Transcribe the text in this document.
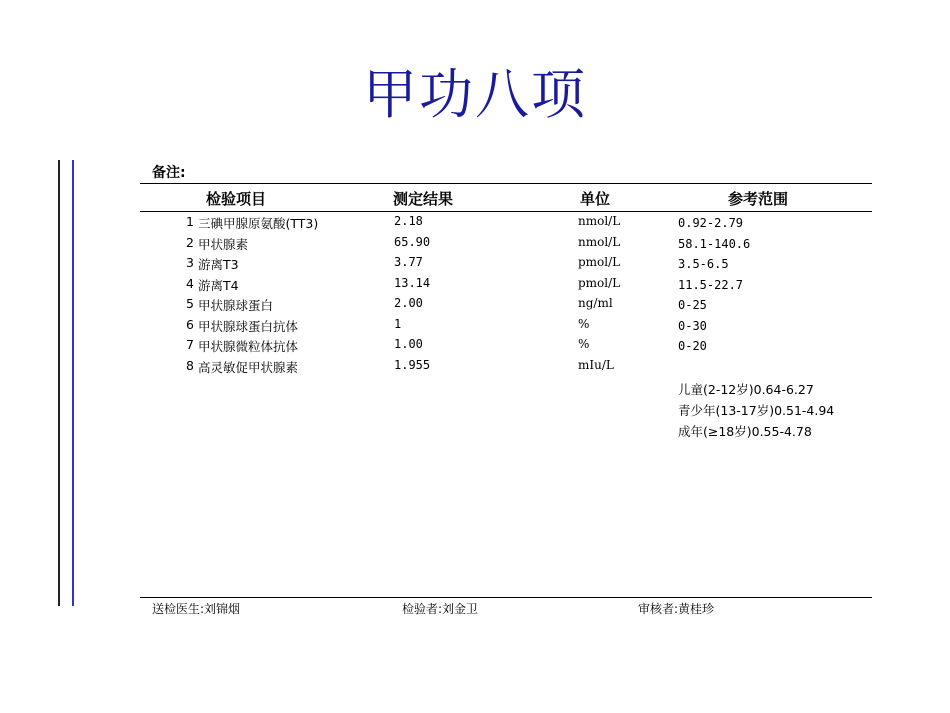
甲功八项
备注:
检验项目	测定结果	单位	参考范围
1 三碘甲腺原氨酸(TT3)	2.18	nmol/L	0.92-2.79
2 甲状腺素	65.90	nmol/L	58.1-140.6
3 游离T3	3.77	pmol/L	3.5-6.5
4 游离T4	13.14	pmol/L	11.5-22.7
5 甲状腺球蛋白	2.00	ng/ml	0-25
6 甲状腺球蛋白抗体	1	%	0-30
7 甲状腺微粒体抗体	1.00	%	0-20
8 高灵敏促甲状腺素	1.955	mIu/L
儿童(2-12岁)0.64-6.27
青少年(13-17岁)0.51-4.94
成年(≥18岁)0.55-4.78
送检医生:刘锦烟	检验者:刘金卫	审核者:黄桂珍
